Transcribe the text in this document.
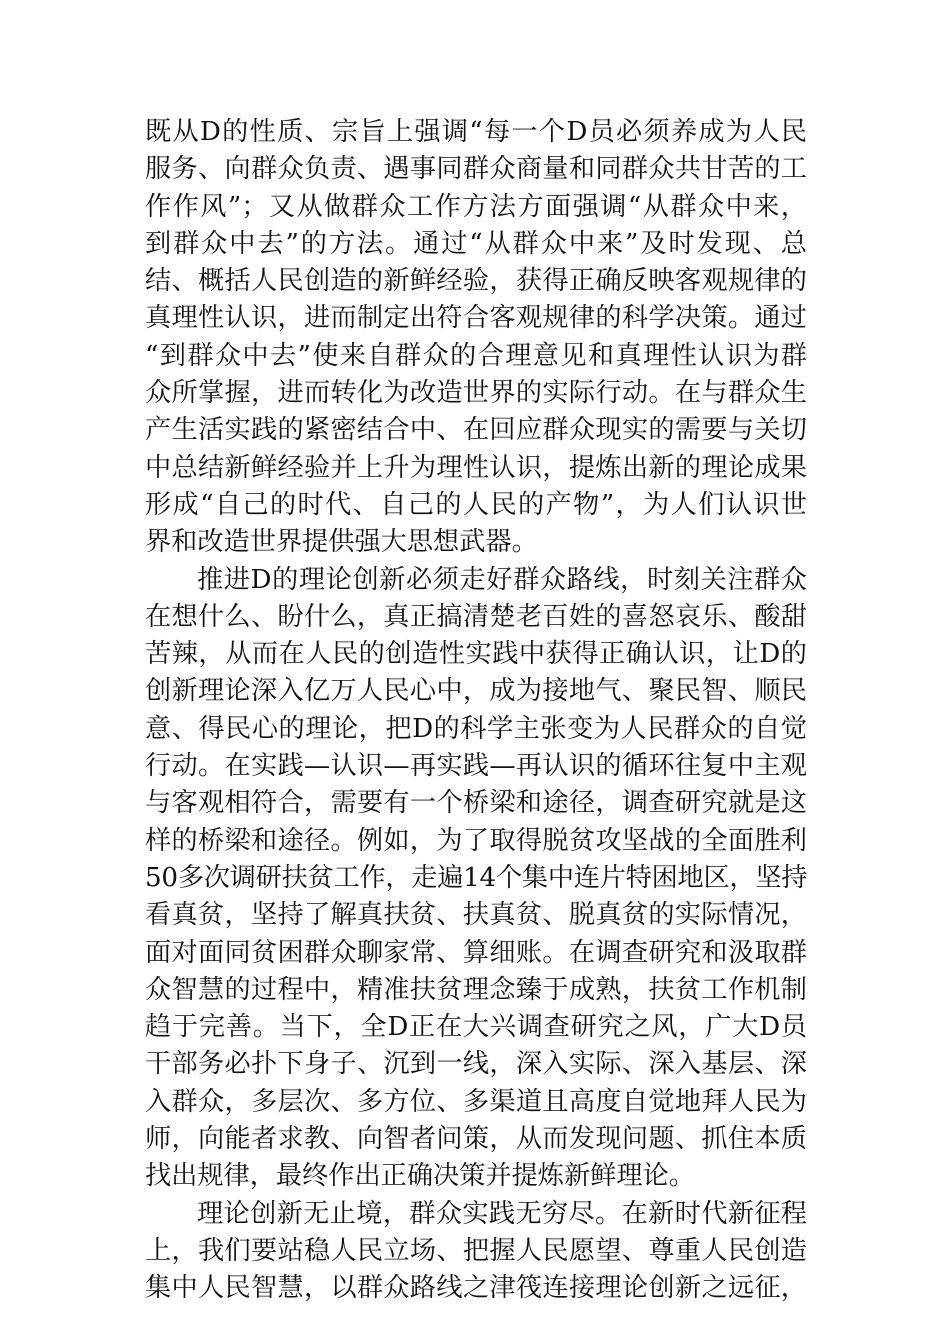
既从D的性质、宗旨上强调“每一个D员必须养成为人民
服务、向群众负责、遇事同群众商量和同群众共甘苦的工
作作风”；又从做群众工作方法方面强调“从群众中来，
到群众中去”的方法。通过“从群众中来”及时发现、总
结、概括人民创造的新鲜经验，获得正确反映客观规律的
真理性认识，进而制定出符合客观规律的科学决策。通过
“到群众中去”使来自群众的合理意见和真理性认识为群
众所掌握，进而转化为改造世界的实际行动。在与群众生
产生活实践的紧密结合中、在回应群众现实的需要与关切
中总结新鲜经验并上升为理性认识，提炼出新的理论成果
形成“自己的时代、自己的人民的产物”，为人们认识世
界和改造世界提供强大思想武器。
推进D的理论创新必须走好群众路线，时刻关注群众
在想什么、盼什么，真正搞清楚老百姓的喜怒哀乐、酸甜
苦辣，从而在人民的创造性实践中获得正确认识，让D的
创新理论深入亿万人民心中，成为接地气、聚民智、顺民
意、得民心的理论，把D的科学主张变为人民群众的自觉
行动。在实践—认识—再实践—再认识的循环往复中主观
与客观相符合，需要有一个桥梁和途径，调查研究就是这
样的桥梁和途径。例如，为了取得脱贫攻坚战的全面胜利
50多次调研扶贫工作，走遍14个集中连片特困地区，坚持
看真贫，坚持了解真扶贫、扶真贫、脱真贫的实际情况，
面对面同贫困群众聊家常、算细账。在调查研究和汲取群
众智慧的过程中，精准扶贫理念臻于成熟，扶贫工作机制
趋于完善。当下，全D正在大兴调查研究之风，广大D员
干部务必扑下身子、沉到一线，深入实际、深入基层、深
入群众，多层次、多方位、多渠道且高度自觉地拜人民为
师，向能者求教、向智者问策，从而发现问题、抓住本质
找出规律，最终作出正确决策并提炼新鲜理论。
理论创新无止境，群众实践无穷尽。在新时代新征程
上，我们要站稳人民立场、把握人民愿望、尊重人民创造
集中人民智慧，以群众路线之津筏连接理论创新之远征，
